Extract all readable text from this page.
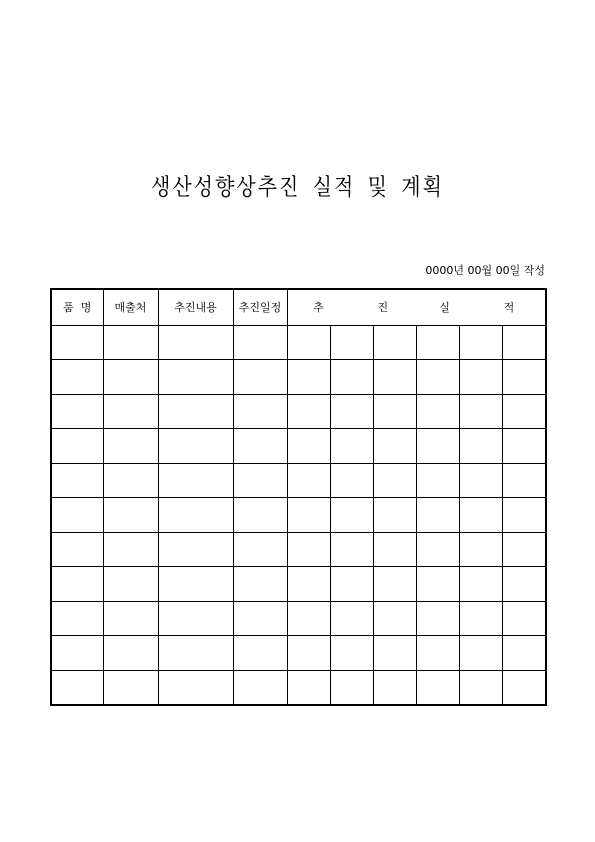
생산성향상추진 실적 및 계획
0000년 00월 00일 작성
품  명	매출처	추진내용	추진일정	추 진 실 적					
